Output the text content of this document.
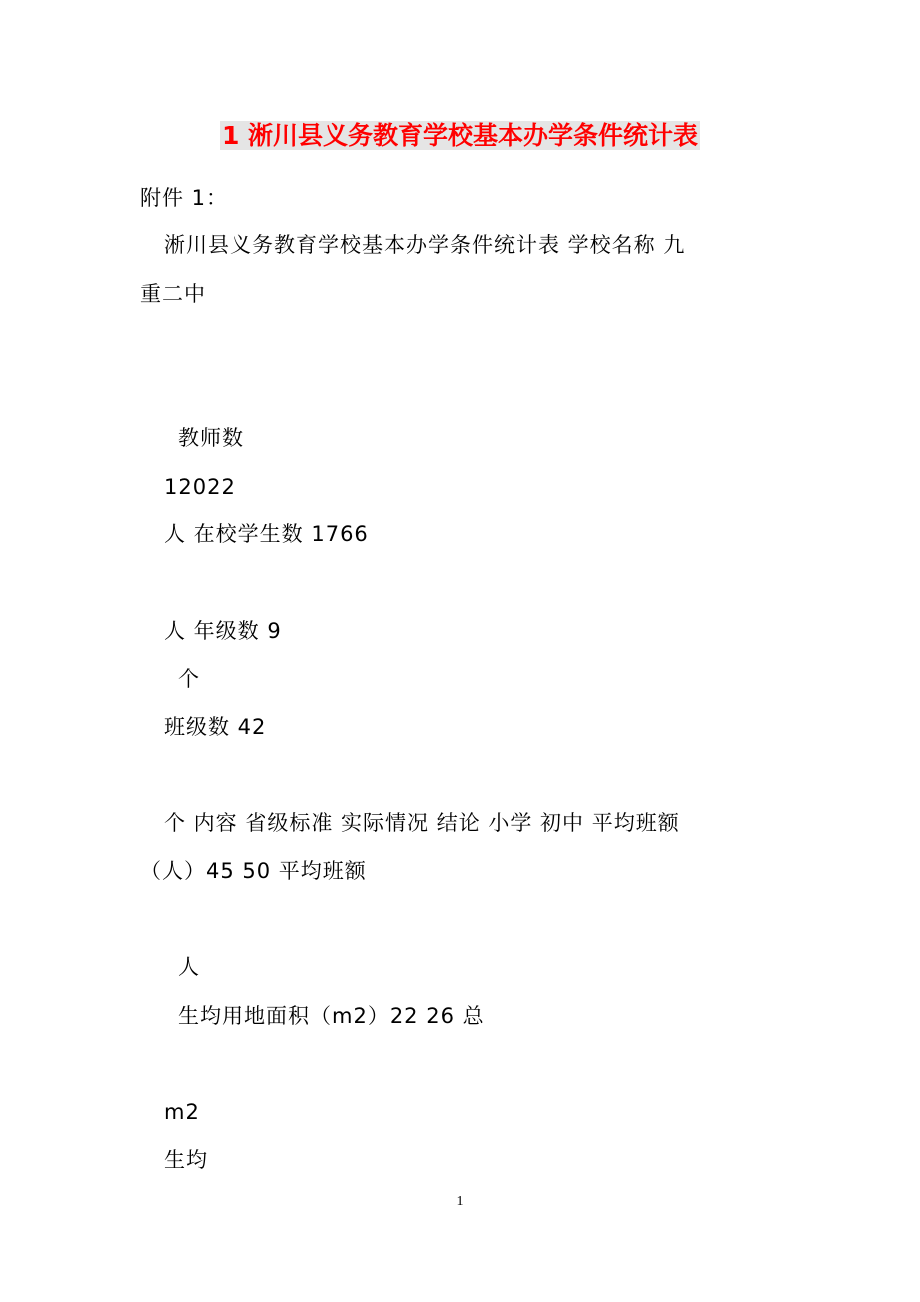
1 淅川县义务教育学校基本办学条件统计表
附件 1：
淅川县义务教育学校基本办学条件统计表 学校名称 九
重二中
教师数
12022
人 在校学生数 1766
人 年级数 9
个
班级数 42
个 内容 省级标准 实际情况 结论 小学 初中 平均班额
（人）45 50 平均班额
人
生均用地面积（m2）22 26 总
m2
生均
1
